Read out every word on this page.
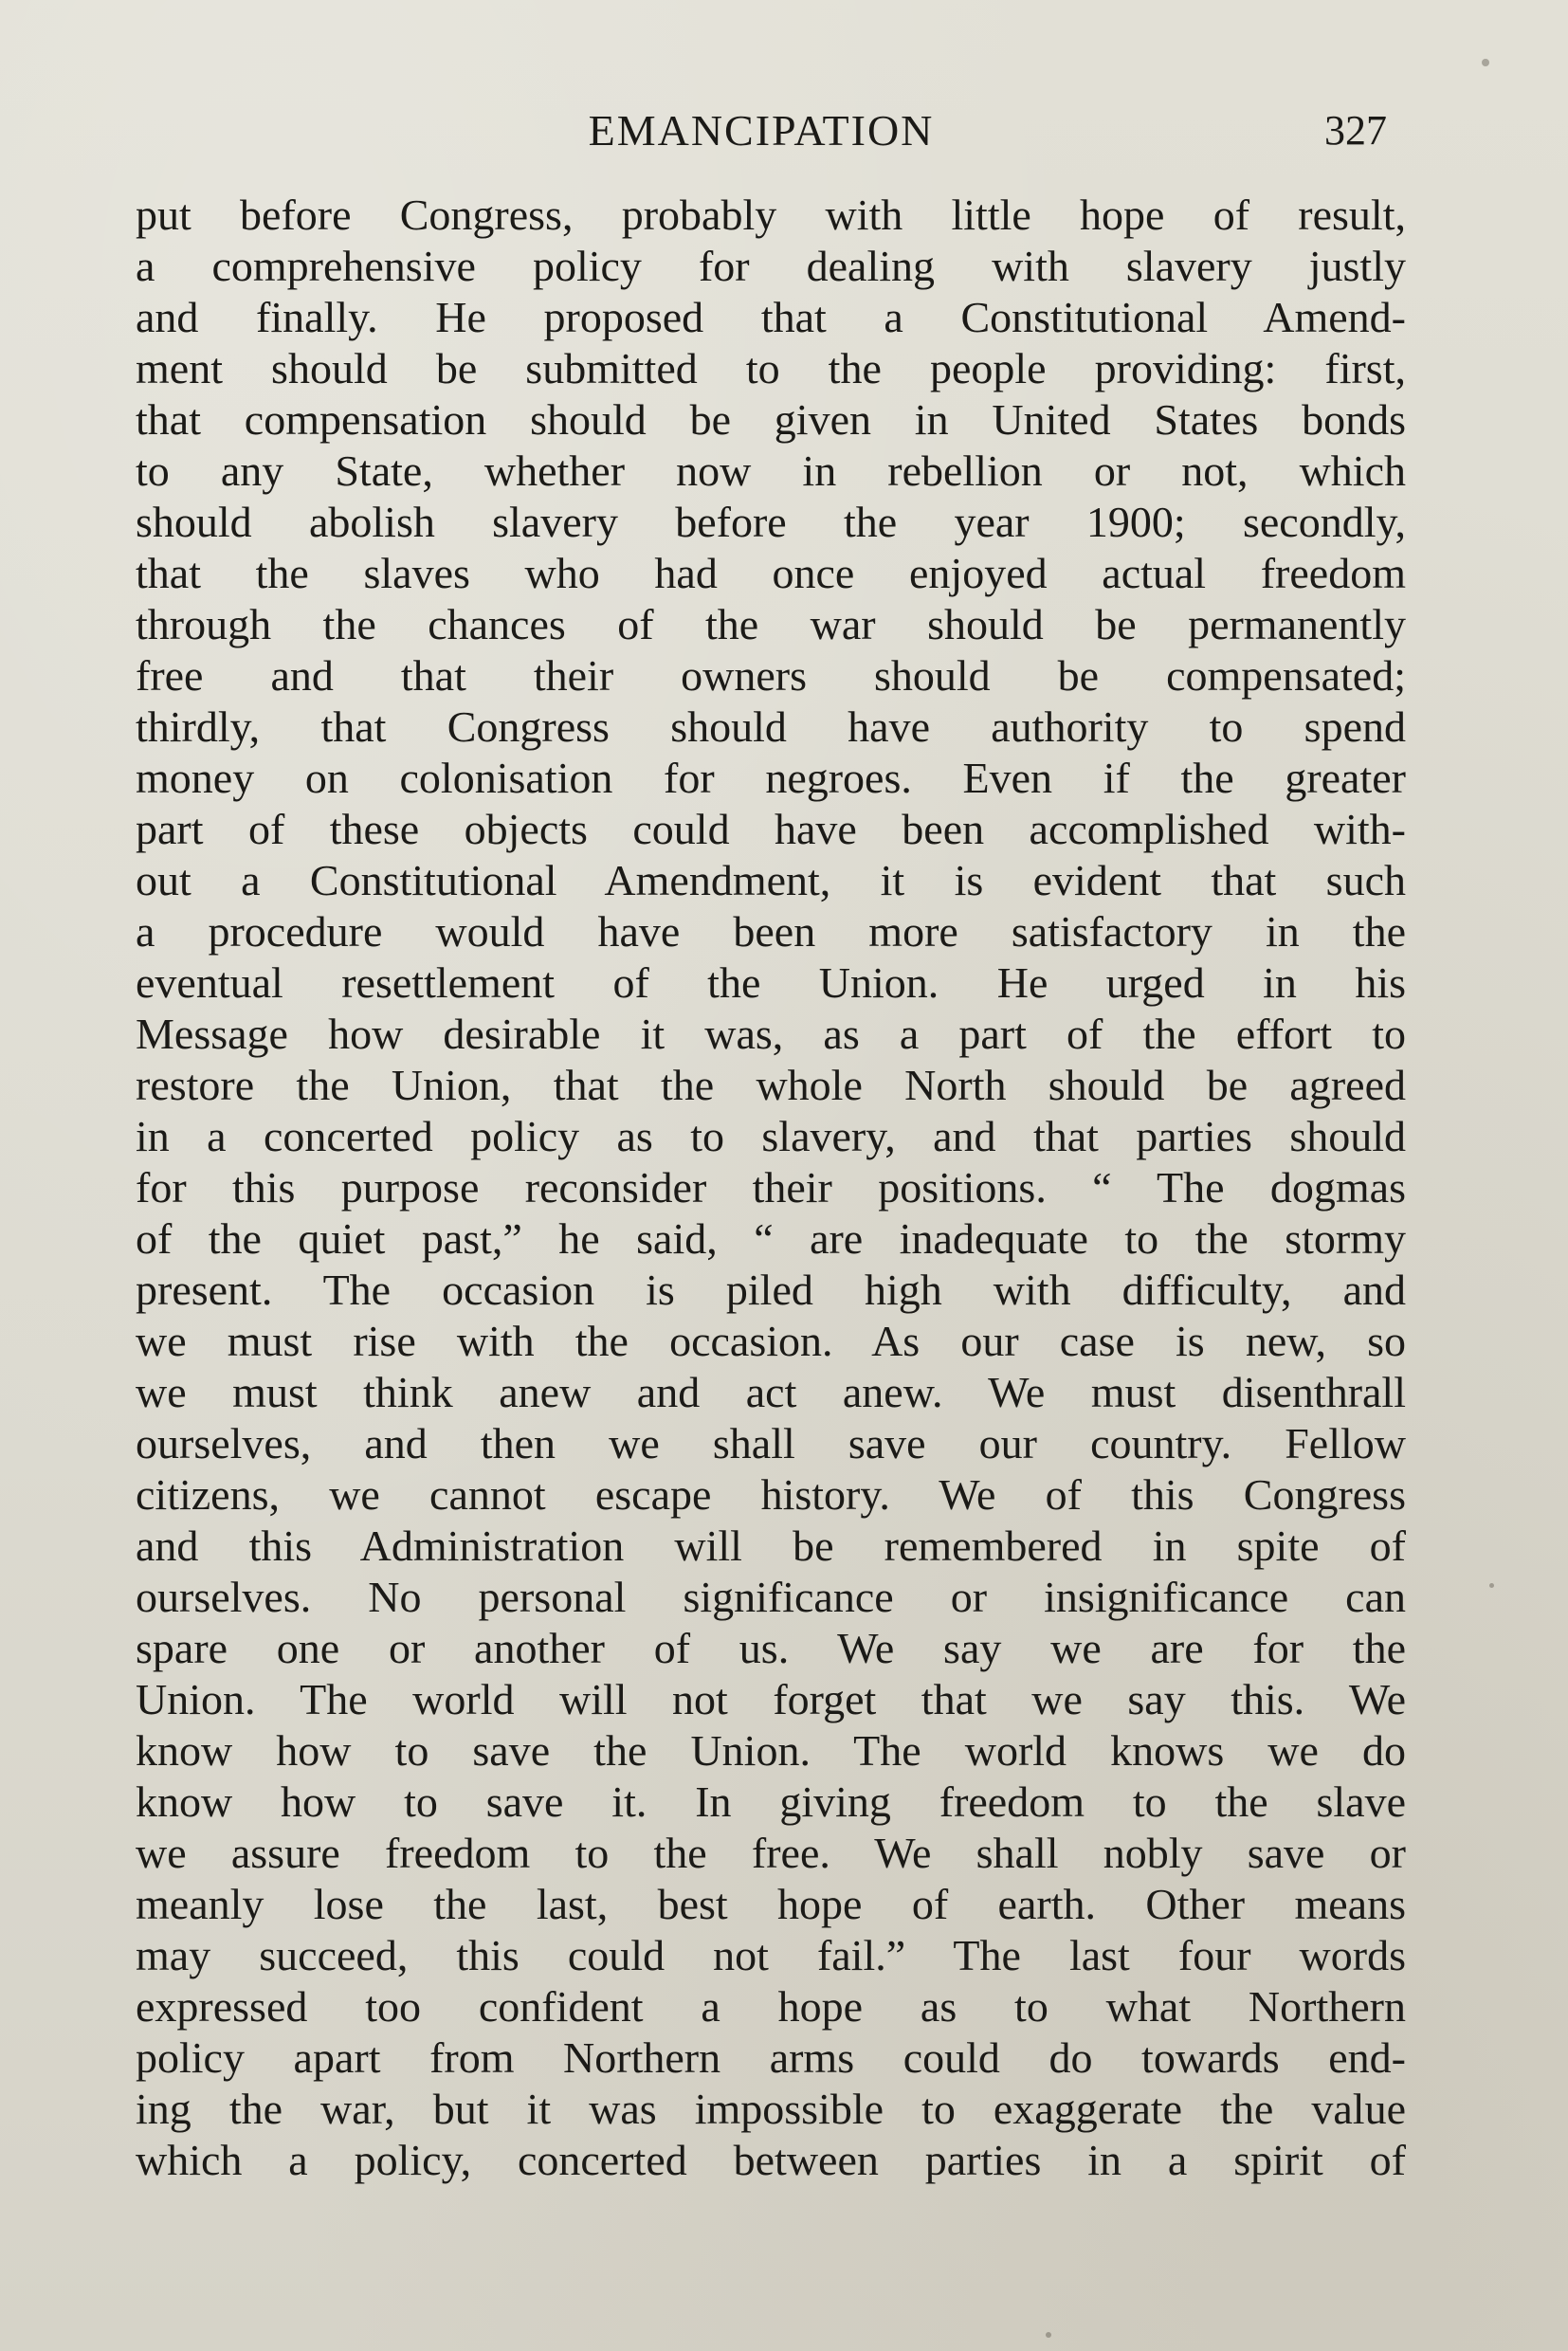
EMANCIPATION	327
put before Congress, probably with little hope of result,
a comprehensive policy for dealing with slavery justly
and finally. He proposed that a Constitutional Amend-
ment should be submitted to the people providing: first,
that compensation should be given in United States bonds
to any State, whether now in rebellion or not, which
should abolish slavery before the year 1900; secondly,
that the slaves who had once enjoyed actual freedom
through the chances of the war should be permanently
free and that their owners should be compensated;
thirdly, that Congress should have authority to spend
money on colonisation for negroes. Even if the greater
part of these objects could have been accomplished with-
out a Constitutional Amendment, it is evident that such
a procedure would have been more satisfactory in the
eventual resettlement of the Union. He urged in his
Message how desirable it was, as a part of the effort to
restore the Union, that the whole North should be agreed
in a concerted policy as to slavery, and that parties should
for this purpose reconsider their positions. “ The dogmas
of the quiet past,” he said, “ are inadequate to the stormy
present. The occasion is piled high with difficulty, and
we must rise with the occasion. As our case is new, so
we must think anew and act anew. We must disenthrall
ourselves, and then we shall save our country. Fellow
citizens, we cannot escape history. We of this Congress
and this Administration will be remembered in spite of
ourselves. No personal significance or insignificance can
spare one or another of us. We say we are for the
Union. The world will not forget that we say this. We
know how to save the Union. The world knows we do
know how to save it. In giving freedom to the slave
we assure freedom to the free. We shall nobly save or
meanly lose the last, best hope of earth. Other means
may succeed, this could not fail.” The last four words
expressed too confident a hope as to what Northern
policy apart from Northern arms could do towards end-
ing the war, but it was impossible to exaggerate the value
which a policy, concerted between parties in a spirit of
